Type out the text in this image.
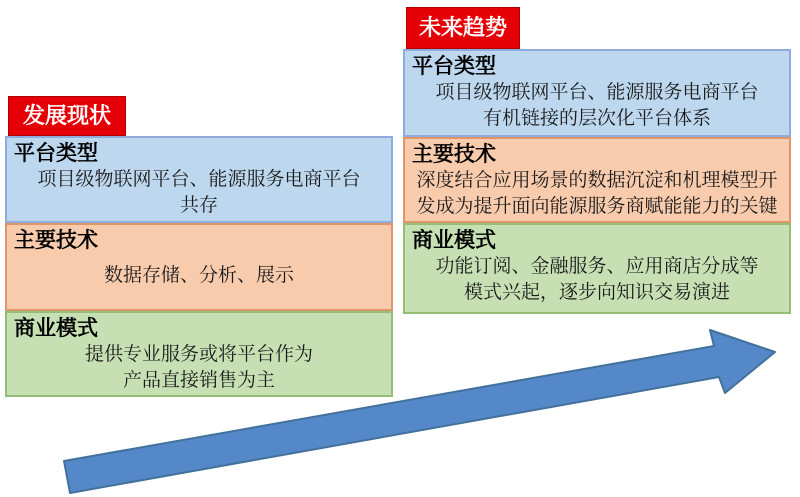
发展现状
平台类型
项目级物联网平台、能源服务电商平台
共存
主要技术
数据存储、分析、展示
商业模式
提供专业服务或将平台作为
产品直接销售为主
未来趋势
平台类型
项目级物联网平台、能源服务电商平台
有机链接的层次化平台体系
主要技术
深度结合应用场景的数据沉淀和机理模型开
发成为提升面向能源服务商赋能能力的关键
商业模式
功能订阅、金融服务、应用商店分成等
模式兴起，逐步向知识交易演进
